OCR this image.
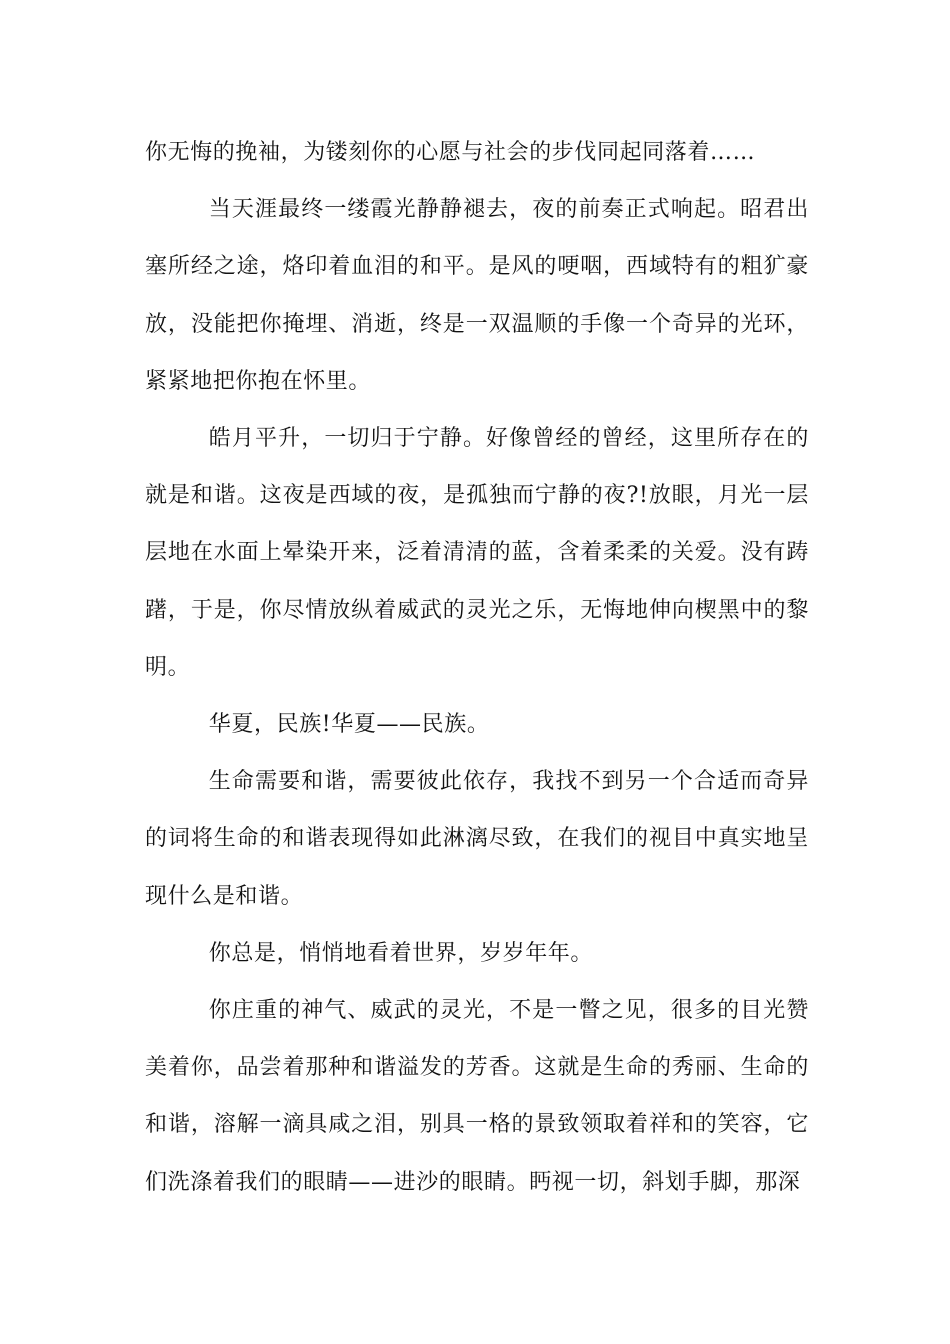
你无悔的挽袖，为镂刻你的心愿与社会的步伐同起同落着……

当天涯最终一缕霞光静静褪去，夜的前奏正式响起。昭君出塞所经之途，烙印着血泪的和平。是风的哽咽，西域特有的粗犷豪放，没能把你掩埋、消逝，终是一双温顺的手像一个奇异的光环，紧紧地把你抱在怀里。

皓月平升，一切归于宁静。好像曾经的曾经，这里所存在的就是和谐。这夜是西域的夜，是孤独而宁静的夜?!放眼，月光一层层地在水面上晕染开来，泛着清清的蓝，含着柔柔的关爱。没有踌躇，于是，你尽情放纵着威武的灵光之乐，无悔地伸向楔黑中的黎明。

华夏，民族!华夏——民族。

生命需要和谐，需要彼此依存，我找不到另一个合适而奇异的词将生命的和谐表现得如此淋漓尽致，在我们的视目中真实地呈现什么是和谐。

你总是，悄悄地看着世界，岁岁年年。

你庄重的神气、威武的灵光，不是一瞥之见，很多的目光赞美着你，品尝着那种和谐溢发的芳香。这就是生命的秀丽、生命的和谐，溶解一滴具咸之泪，别具一格的景致领取着祥和的笑容，它们洗涤着我们的眼睛——进沙的眼睛。眄视一切，斜划手脚，那深
